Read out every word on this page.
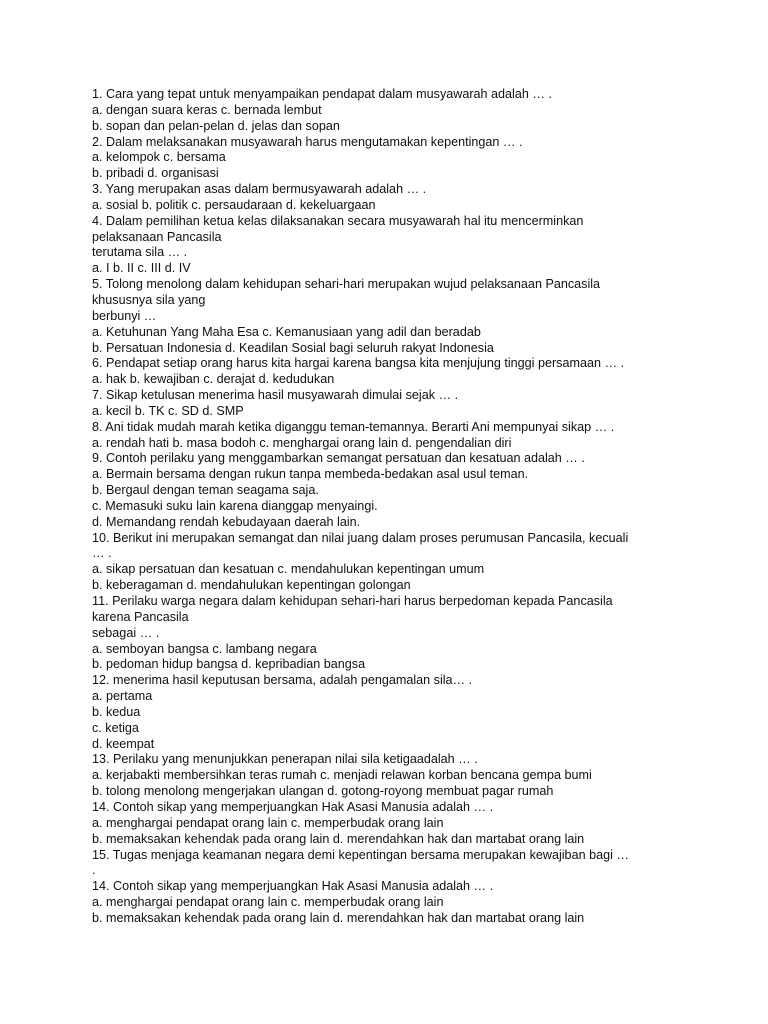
1. Cara yang tepat untuk menyampaikan pendapat dalam musyawarah adalah … .
a. dengan suara keras c. bernada lembut
b. sopan dan pelan-pelan d. jelas dan sopan
2. Dalam melaksanakan musyawarah harus mengutamakan kepentingan … .
a. kelompok c. bersama
b. pribadi d. organisasi
3. Yang merupakan asas dalam bermusyawarah adalah … .
a. sosial b. politik c. persaudaraan d. kekeluargaan
4. Dalam pemilihan ketua kelas dilaksanakan secara musyawarah hal itu mencerminkan
pelaksanaan Pancasila
terutama sila … .
a. I b. II c. III d. IV
5. Tolong menolong dalam kehidupan sehari-hari merupakan wujud pelaksanaan Pancasila
khususnya sila yang
berbunyi …
a. Ketuhunan Yang Maha Esa c. Kemanusiaan yang adil dan beradab
b. Persatuan Indonesia d. Keadilan Sosial bagi seluruh rakyat Indonesia
6. Pendapat setiap orang harus kita hargai karena bangsa kita menjujung tinggi persamaan … .
a. hak b. kewajiban c. derajat d. kedudukan
7. Sikap ketulusan menerima hasil musyawarah dimulai sejak … .
a. kecil b. TK c. SD d. SMP
8. Ani tidak mudah marah ketika diganggu teman-temannya. Berarti Ani mempunyai sikap … .
a. rendah hati b. masa bodoh c. menghargai orang lain d. pengendalian diri
9. Contoh perilaku yang menggambarkan semangat persatuan dan kesatuan adalah … .
a. Bermain bersama dengan rukun tanpa membeda-bedakan asal usul teman.
b. Bergaul dengan teman seagama saja.
c. Memasuki suku lain karena dianggap menyaingi.
d. Memandang rendah kebudayaan daerah lain.
10. Berikut ini merupakan semangat dan nilai juang dalam proses perumusan Pancasila, kecuali
… .
a. sikap persatuan dan kesatuan c. mendahulukan kepentingan umum
b. keberagaman d. mendahulukan kepentingan golongan
11. Perilaku warga negara dalam kehidupan sehari-hari harus berpedoman kepada Pancasila
karena Pancasila
sebagai … .
a. semboyan bangsa c. lambang negara
b. pedoman hidup bangsa d. kepribadian bangsa
12. menerima hasil keputusan bersama, adalah pengamalan sila… .
a. pertama
b. kedua
c. ketiga
d. keempat
13. Perilaku yang menunjukkan penerapan nilai sila ketigaadalah … .
a. kerjabakti membersihkan teras rumah c. menjadi relawan korban bencana gempa bumi
b. tolong menolong mengerjakan ulangan d. gotong-royong membuat pagar rumah
14. Contoh sikap yang memperjuangkan Hak Asasi Manusia adalah … .
a. menghargai pendapat orang lain c. memperbudak orang lain
b. memaksakan kehendak pada orang lain d. merendahkan hak dan martabat orang lain
15. Tugas menjaga keamanan negara demi kepentingan bersama merupakan kewajiban bagi …
.
14. Contoh sikap yang memperjuangkan Hak Asasi Manusia adalah … .
a. menghargai pendapat orang lain c. memperbudak orang lain
b. memaksakan kehendak pada orang lain d. merendahkan hak dan martabat orang lain
